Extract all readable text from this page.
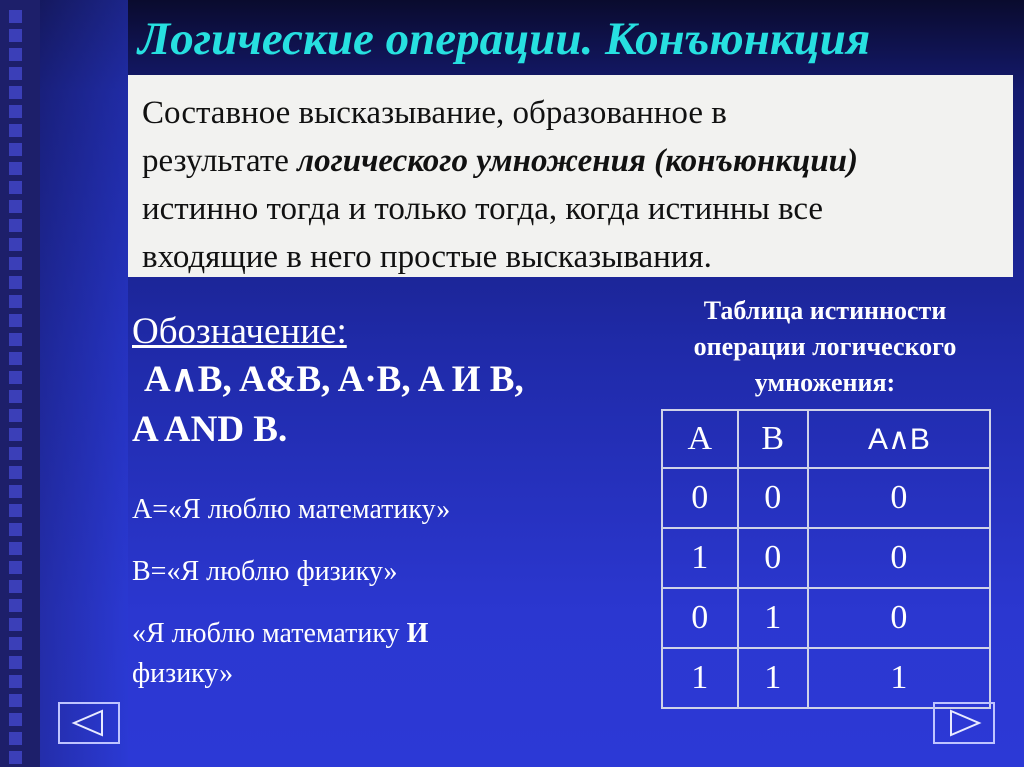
Логические операции. Конъюнкция
Составное высказывание, образованное в
результате логического умножения (конъюнкции)
истинно тогда и только тогда, когда истинны все
входящие в него простые высказывания.
Обозначение:
A∧B, A&B, A·B, A И B,
A AND B.
А=«Я люблю математику»
В=«Я люблю физику»
«Я люблю математику И
физику»
Таблица истинности
операции логического
умножения:
A	B	A∧B
0	0	0
1	0	0
0	1	0
1	1	1
